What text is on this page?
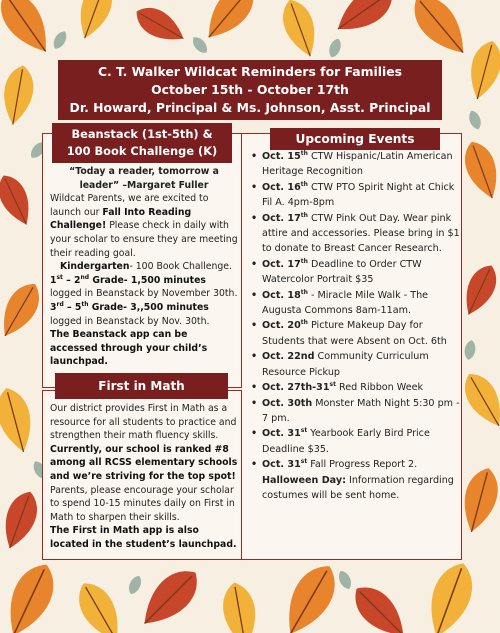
C. T. Walker Wildcat Reminders for Families
October 15th - October 17th
Dr. Howard, Principal & Ms. Johnson, Asst. Principal
Beanstack (1st-5th) &
100 Book Challenge (K)
“Today a reader, tomorrow a
leader” –Margaret Fuller
Wildcat Parents, we are excited to launch our Fall Into Reading Challenge! Please check in daily with your scholar to ensure they are meeting their reading goal.
Kindergarten- 100 Book Challenge.
1st – 2nd Grade- 1,500 minutes logged in Beanstack by November 30th.
3rd – 5th Grade- 3,,500 minutes logged in Beanstack by Nov. 30th.
The Beanstack app can be accessed through your child’s launchpad.
First in Math
Our district provides First in Math as a resource for all students to practice and strengthen their math fluency skills.
Currently, our school is ranked #8 among all RCSS elementary schools and we’re striving for the top spot!
Parents, please encourage your scholar to spend 10-15 minutes daily on First in Math to sharpen their skills.
The First in Math app is also located in the student’s launchpad.
Upcoming Events
• Oct. 15th CTW Hispanic/Latin American Heritage Recognition
• Oct. 16th CTW PTO Spirit Night at Chick Fil A. 4pm-8pm
• Oct. 17th CTW Pink Out Day. Wear pink attire and accessories. Please bring in $1 to donate to Breast Cancer Research.
• Oct. 17th Deadline to Order CTW Watercolor Portrait $35
• Oct. 18th - Miracle Mile Walk - The Augusta Commons 8am-11am.
• Oct. 20th Picture Makeup Day for Students that were Absent on Oct. 6th
• Oct. 22nd Community Curriculum Resource Pickup
• Oct. 27th-31st Red Ribbon Week
• Oct. 30th Monster Math Night 5:30 pm - 7 pm.
• Oct. 31st Yearbook Early Bird Price Deadline $35.
• Oct. 31st Fall Progress Report 2.
Halloween Day: Information regarding costumes will be sent home.
